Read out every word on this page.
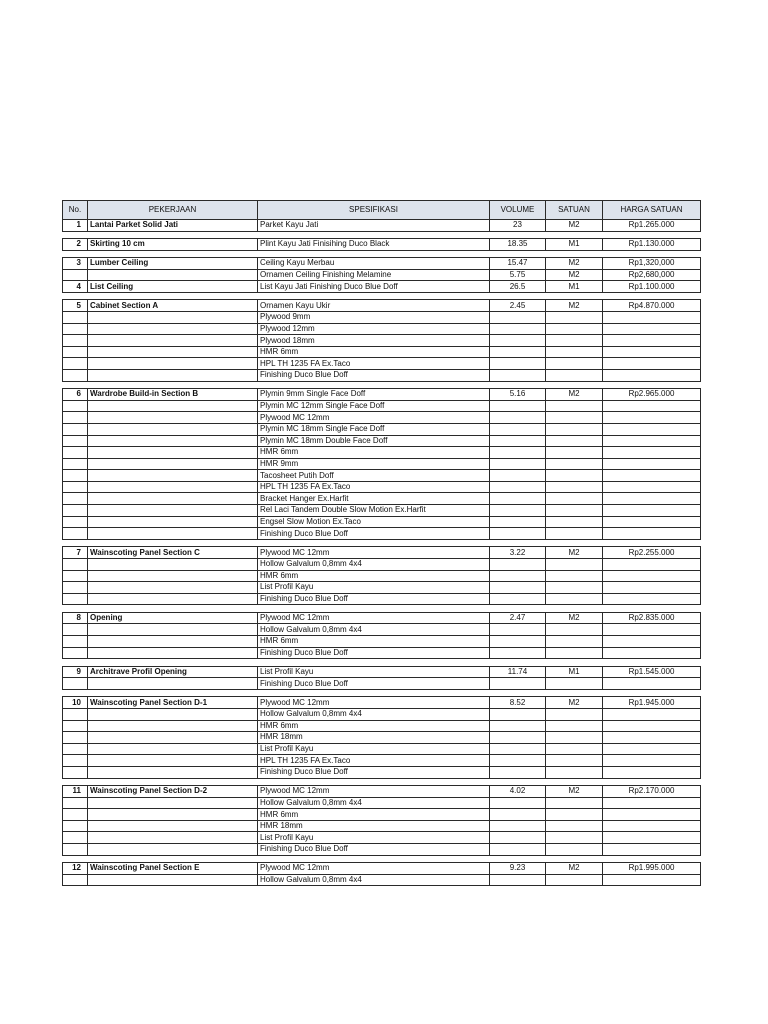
No.	PEKERJAAN	SPESIFIKASI	VOLUME	SATUAN	HARGA SATUAN
1	Lantai Parket Solid Jati	Parket Kayu Jati	23	M2	Rp1.265.000

2	Skirting 10 cm	Plint Kayu Jati Finisihing Duco Black	18.35	M1	Rp1.130.000

3	Lumber Ceiling	Ceiling Kayu Merbau	15.47	M2	Rp1,320,000
		Ornamen Ceiling Finishing Melamine	5.75	M2	Rp2,680,000
4	List Ceiling	List Kayu Jati Finishing Duco Blue Doff	26.5	M1	Rp1.100.000

5	Cabinet Section A	Ornamen Kayu Ukir	2.45	M2	Rp4.870.000
		Plywood 9mm			
		Plywood 12mm			
		Plywood 18mm			
		HMR 6mm			
		HPL TH 1235 FA Ex.Taco			
		Finishing Duco Blue Doff			

6	Wardrobe Build-in Section B	Plymin 9mm Single Face Doff	5.16	M2	Rp2.965.000
		Plymin MC 12mm Single Face Doff			
		Plywood MC 12mm			
		Plymin MC 18mm Single Face Doff			
		Plymin MC 18mm Double Face Doff			
		HMR 6mm			
		HMR 9mm			
		Tacosheet Putih Doff			
		HPL TH 1235 FA Ex.Taco			
		Bracket Hanger Ex.Harfit			
		Rel Laci Tandem Double Slow Motion Ex.Harfit			
		Engsel Slow Motion Ex.Taco			
		Finishing Duco Blue Doff			

7	Wainscoting Panel Section C	Plywood MC 12mm	3.22	M2	Rp2.255.000
		Hollow Galvalum 0,8mm 4x4			
		HMR 6mm			
		List Profil Kayu			
		Finishing Duco Blue Doff			

8	Opening	Plywood MC 12mm	2.47	M2	Rp2.835.000
		Hollow Galvalum 0,8mm 4x4			
		HMR 6mm			
		Finishing Duco Blue Doff			

9	Architrave Profil Opening	List Profil Kayu	11.74	M1	Rp1.545.000
		Finishing Duco Blue Doff			

10	Wainscoting Panel Section D-1	Plywood MC 12mm	8.52	M2	Rp1.945.000
		Hollow Galvalum 0,8mm 4x4			
		HMR 6mm			
		HMR 18mm			
		List Profil Kayu			
		HPL TH 1235 FA Ex.Taco			
		Finishing Duco Blue Doff			

11	Wainscoting Panel Section D-2	Plywood MC 12mm	4.02	M2	Rp2.170.000
		Hollow Galvalum 0,8mm 4x4			
		HMR 6mm			
		HMR 18mm			
		List Profil Kayu			
		Finishing Duco Blue Doff			

12	Wainscoting Panel Section E	Plywood MC 12mm	9.23	M2	Rp1.995.000
		Hollow Galvalum 0,8mm 4x4			
